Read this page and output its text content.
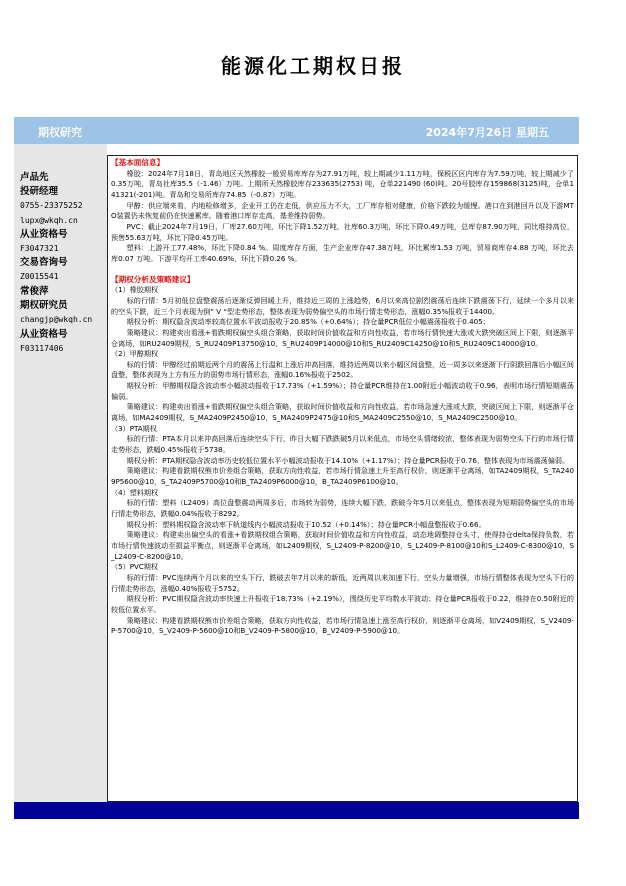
能源化工期权日报
期权研究	2024年7月26日 星期五
卢品先
投研经理
0755-23375252
lupx@wkqh.cn
从业资格号
F3047321
交易咨询号
Z0015541
常俊萍
期权研究员
changjp@wkqh.cn
从业资格号
F03117406
【基本面信息】
橡胶：2024年7月18日，青岛地区天然橡胶一般贸易库库存为27.91万吨，较上期减少1.11万吨，保税区区内库存为7.59万吨，较上期减少了0.35万吨，青岛社库35.5（-1.46）万吨。上期所天然橡胶库存233635(2753) 吨，仓单221490 (60)吨。20号胶库存159868(3125)吨，仓单141321(-201)吨。青岛和交易所库存74.85（-0.87）万吨。
甲醇：供应端来看，内地检修增多，企业开工仍在走低，供应压力不大，工厂库存相对健康，价格下跌较为缓慢。港口在到港回升以及下游MTO装置仍未恢复前仍在快速累库。随着港口库存走高，基差维持弱势。
PVC：截止2024年7月19日，厂库27.60万吨，环比下降1.52万吨，社库60.3万吨，环比下降0.49万吨，总库存87.90万吨，同比维持高位，预售55.63万吨，环比下降0.45万吨。
塑料：上游开工77.48%，环比下降0.84 %。周度库存方面，生产企业库存47.38万吨，环比累库1.53 万吨，贸易商库存4.88 万吨，环比去库0.07 万吨。下游平均开工率40.69%，环比下降0.26 %。
【期权分析及策略建议】
（1）橡胶期权
标的行情：5月初低位盘整震荡后逐渐反弹回暖上升，维持近三周的上涨趋势，6月以来高位剧烈震荡后连续下跌震荡下行，延续一个多月以来的空头下跌，近三个月表现为倒” V “型走势形态，整体表现为弱势偏空头的市场行情走势形态，涨幅0.35%报收于14400。
期权分析：期权隐含波动率较高位置水平波动报收于20.85%（+0.64%）；持仓量PCR低位小幅震荡报收于0.405；
策略建议：构建卖出看涨+看跌期权偏空头组合策略，获取时间价值收益和方向性收益，若市场行情快速大涨或大跌突破区间上下限，则逐渐平仓离场，如RU2409期权，S_RU2409P13750@10、S_RU2409P14000@10和S_RU2409C14250@10和S_RU2409C14000@10。
（2）甲醇期权
标的行情：甲醇经过前期近两个月的震荡上行温和上涨后冲高回落，维持近两周以来小幅区间盘整，近一周多以来逐渐下行阴跌回落后小幅区间盘整，整体表现为上方有压力的弱势市场行情形态，涨幅0.16%报收于2502。
期权分析：甲醇期权隐含波动率小幅波动报收于17.73%（+1.59%）；持仓量PCR维持在1.00附近小幅波动收于0.96，表明市场行情短期震荡偏弱。
策略建议：构建卖出看涨+看跌期权偏空头组合策略，获取时间价值收益和方向性收益，若市场急速大涨或大跌，突破区间上下限，则逐渐平仓离场，如MA2409期权，S_MA2409P2450@10，S_MA2409P2475@10和S_MA2409C2550@10，S_MA2409C2500@10。
（3）PTA期权
标的行情：PTA本月以来冲高回落后连续空头下行，昨日大幅下跌跌破5月以来低点，市场空头情绪较浓，整体表现为弱势空头下行的市场行情走势形态，跌幅0.45%报收于5738。
期权分析：PTA期权隐含波动率历史较低位置水平小幅波动报收于14.10%（+1.17%）；持仓量PCR报收于0.76，整体表现为市场震荡偏弱。
策略建议：构建看跌期权熊市价差组合策略，获取方向性收益，若市场行情急速上升至高行权价，则逐渐平仓离场，如TA2409期权，S_TA2409P5600@10，S_TA2409P5700@10和B_TA2409P6000@10，B_TA2409P6100@10。
（4）塑料期权
标的行情：塑料（L2409）高位盘整震动两周多后，市场转为弱势，连续大幅下跌，跌破今年5月以来低点，整体表现为短期弱势偏空头的市场行情走势形态，跌幅0.04%报收于8292。
期权分析：塑料期权隐含波动率下轨道线内小幅波动报收于10.52（+0.14%）；持仓量PCR小幅盘整报收于0.66。
策略建议：构建卖出偏空头的看涨+看跌期权组合策略，获取时间价值收益和方向性收益，动态地调整持仓头寸，使得持仓delta保持负数，若市场行情快速波动至损益平衡点，则逐渐平仓离场，如L2409期权，S_L2409-P-8200@10，S_L2409-P-8100@10和S_L2409-C-8300@10，S_L2409-C-8200@10。
（5）PVC期权
标的行情：PVC连续两个月以来的空头下行，跌破去年7月以来的新低，近两周以来加速下行，空头力量增强，市场行情整体表现为空头下行的行情走势形态，涨幅0.40%报收于5752。
期权分析：PVC期权隐含波动率快速上升报收于18.73%（+2.19%），围绕历史平均数水平波动；持仓量PCR报收于0.22，维持在0.50附近的较低位置水平。
策略建议：构建看跌期权熊市价差组合策略，获取方向性收益，若市场行情急速上涨至高行权价，则逐渐平仓离场，如V2409期权，S_V2409-P-5700@10，S_V2409-P-5600@10和B_V2409-P-5800@10，B_V2409-P-5900@10。
